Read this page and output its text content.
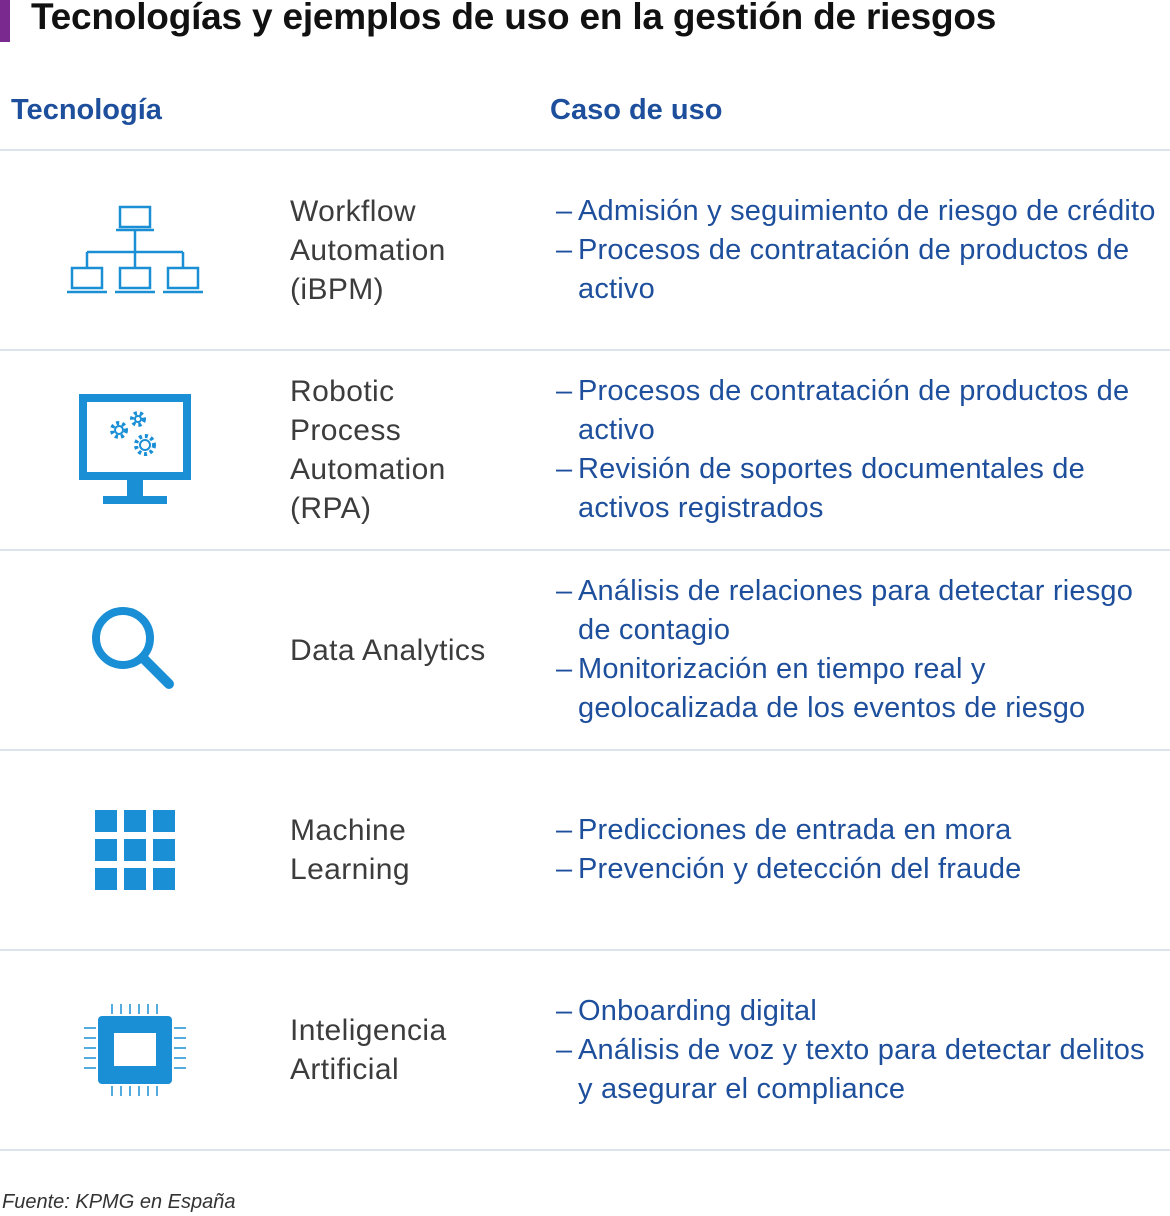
Tecnologías y ejemplos de uso en la gestión de riesgos
Tecnología	Caso de uso
Workflow
Automation
(iBPM)
– Admisión y seguimiento de riesgo de crédito
– Procesos de contratación de productos de activo
Robotic
Process
Automation
(RPA)
– Procesos de contratación de productos de activo
– Revisión de soportes documentales de activos registrados
Data Analytics
– Análisis de relaciones para detectar riesgo de contagio
– Monitorización en tiempo real y geolocalizada de los eventos de riesgo
Machine
Learning
– Predicciones de entrada en mora
– Prevención y detección del fraude
Inteligencia
Artificial
– Onboarding digital
– Análisis de voz y texto para detectar delitos y asegurar el compliance
Fuente: KPMG en España
